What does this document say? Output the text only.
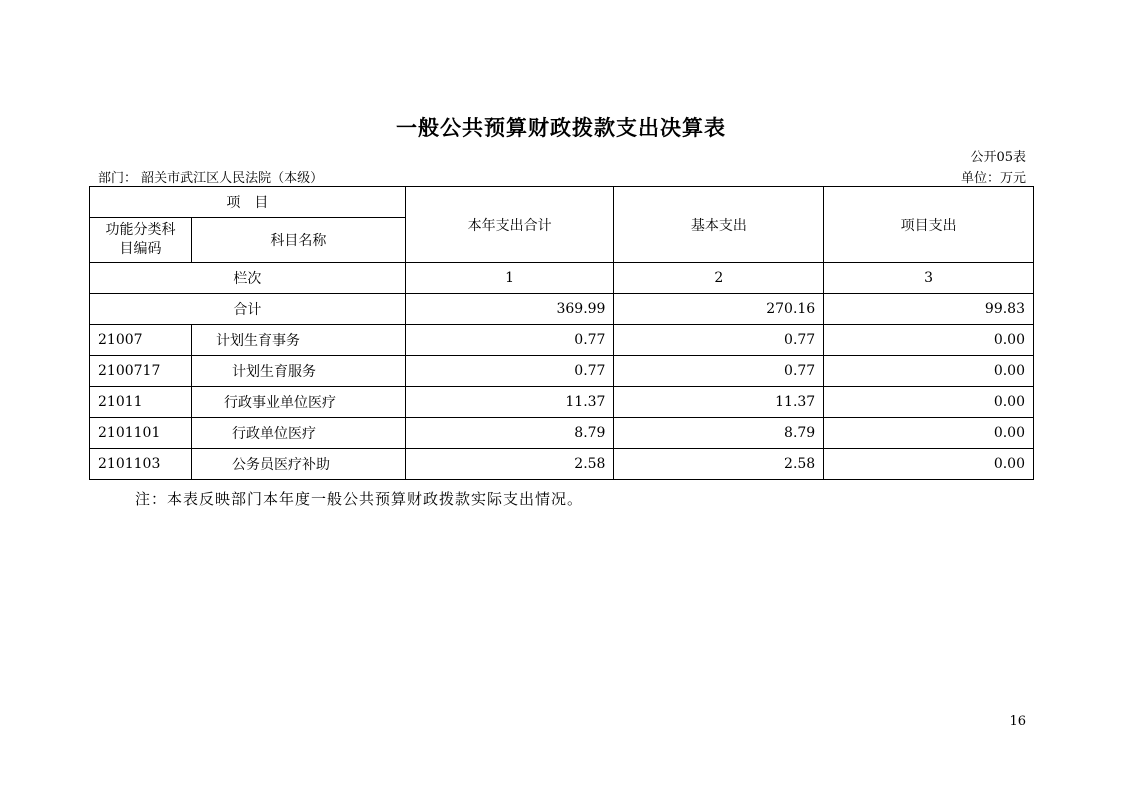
一般公共预算财政拨款支出决算表
公开05表
部门： 韶关市武江区人民法院（本级）	单位：万元
项　目		本年支出合计	基本支出	项目支出
功能分类科目编码	科目名称			
栏次		1	2	3
合计		369.99	270.16	99.83
21007	计划生育事务	0.77	0.77	0.00
2100717	计划生育服务	0.77	0.77	0.00
21011	行政事业单位医疗	11.37	11.37	0.00
2101101	行政单位医疗	8.79	8.79	0.00
2101103	公务员医疗补助	2.58	2.58	0.00
注：本表反映部门本年度一般公共预算财政拨款实际支出情况。
16
